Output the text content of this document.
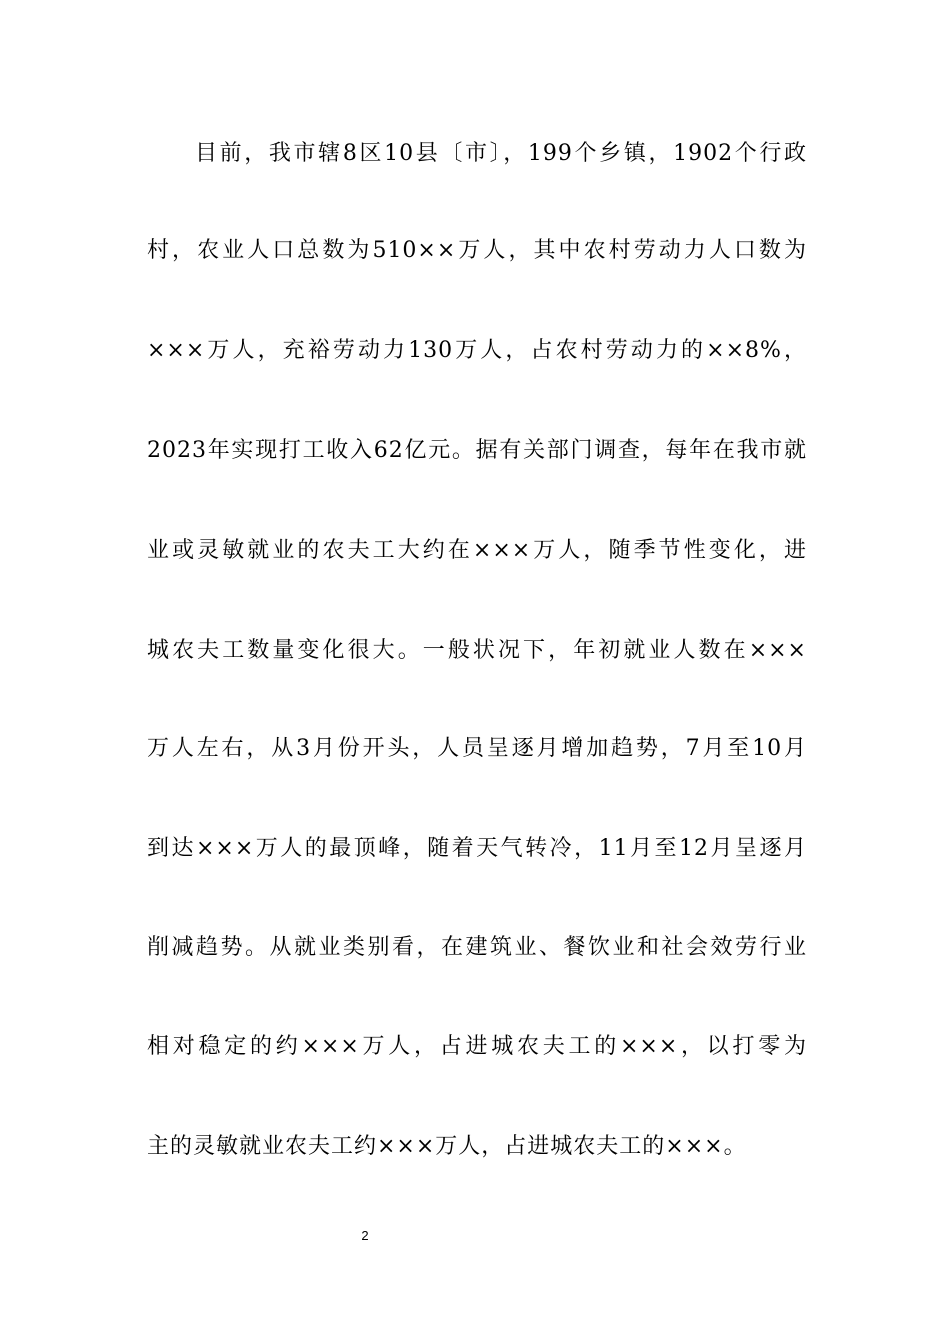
目前，我市辖8区10县〔市〕，199个乡镇，1902个行政
村，农业人口总数为510××万人，其中农村劳动力人口数为
×××万人，充裕劳动力130万人，占农村劳动力的××8%，
2023年实现打工收入62亿元。据有关部门调查，每年在我市就
业或灵敏就业的农夫工大约在×××万人，随季节性变化，进
城农夫工数量变化很大。一般状况下，年初就业人数在×××
万人左右，从3月份开头，人员呈逐月增加趋势，7月至10月
到达×××万人的最顶峰，随着天气转冷，11月至12月呈逐月
削减趋势。从就业类别看，在建筑业、餐饮业和社会效劳行业
相对稳定的约×××万人，占进城农夫工的×××，以打零为
主的灵敏就业农夫工约×××万人，占进城农夫工的×××。
2
